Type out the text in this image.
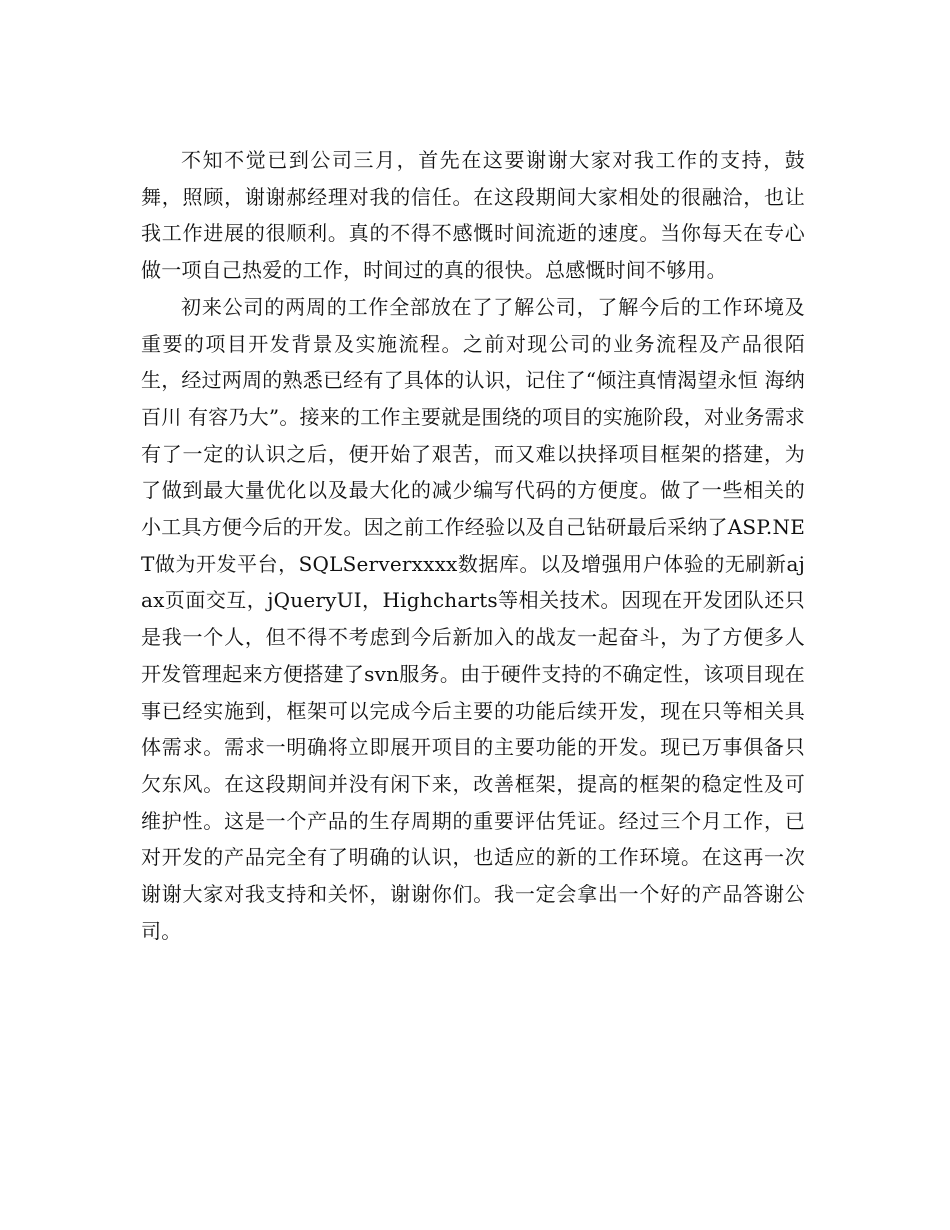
不知不觉已到公司三月，首先在这要谢谢大家对我工作的支持，鼓舞，照顾，谢谢郝经理对我的信任。在这段期间大家相处的很融洽，也让我工作进展的很顺利。真的不得不感慨时间流逝的速度。当你每天在专心做一项自己热爱的工作，时间过的真的很快。总感慨时间不够用。

初来公司的两周的工作全部放在了了解公司，了解今后的工作环境及重要的项目开发背景及实施流程。之前对现公司的业务流程及产品很陌生，经过两周的熟悉已经有了具体的认识，记住了“倾注真情渴望永恒 海纳百川 有容乃大”。接来的工作主要就是围绕的项目的实施阶段，对业务需求有了一定的认识之后，便开始了艰苦，而又难以抉择项目框架的搭建，为了做到最大量优化以及最大化的减少编写代码的方便度。做了一些相关的小工具方便今后的开发。因之前工作经验以及自己钻研最后采纳了ASP.NET做为开发平台，SQLServerxxxx数据库。以及增强用户体验的无刷新ajax页面交互，jQueryUI，Highcharts等相关技术。因现在开发团队还只是我一个人，但不得不考虑到今后新加入的战友一起奋斗，为了方便多人开发管理起来方便搭建了svn服务。由于硬件支持的不确定性，该项目现在事已经实施到，框架可以完成今后主要的功能后续开发，现在只等相关具体需求。需求一明确将立即展开项目的主要功能的开发。现已万事俱备只欠东风。在这段期间并没有闲下来，改善框架，提高的框架的稳定性及可维护性。这是一个产品的生存周期的重要评估凭证。经过三个月工作，已对开发的产品完全有了明确的认识，也适应的新的工作环境。在这再一次谢谢大家对我支持和关怀，谢谢你们。我一定会拿出一个好的产品答谢公司。
